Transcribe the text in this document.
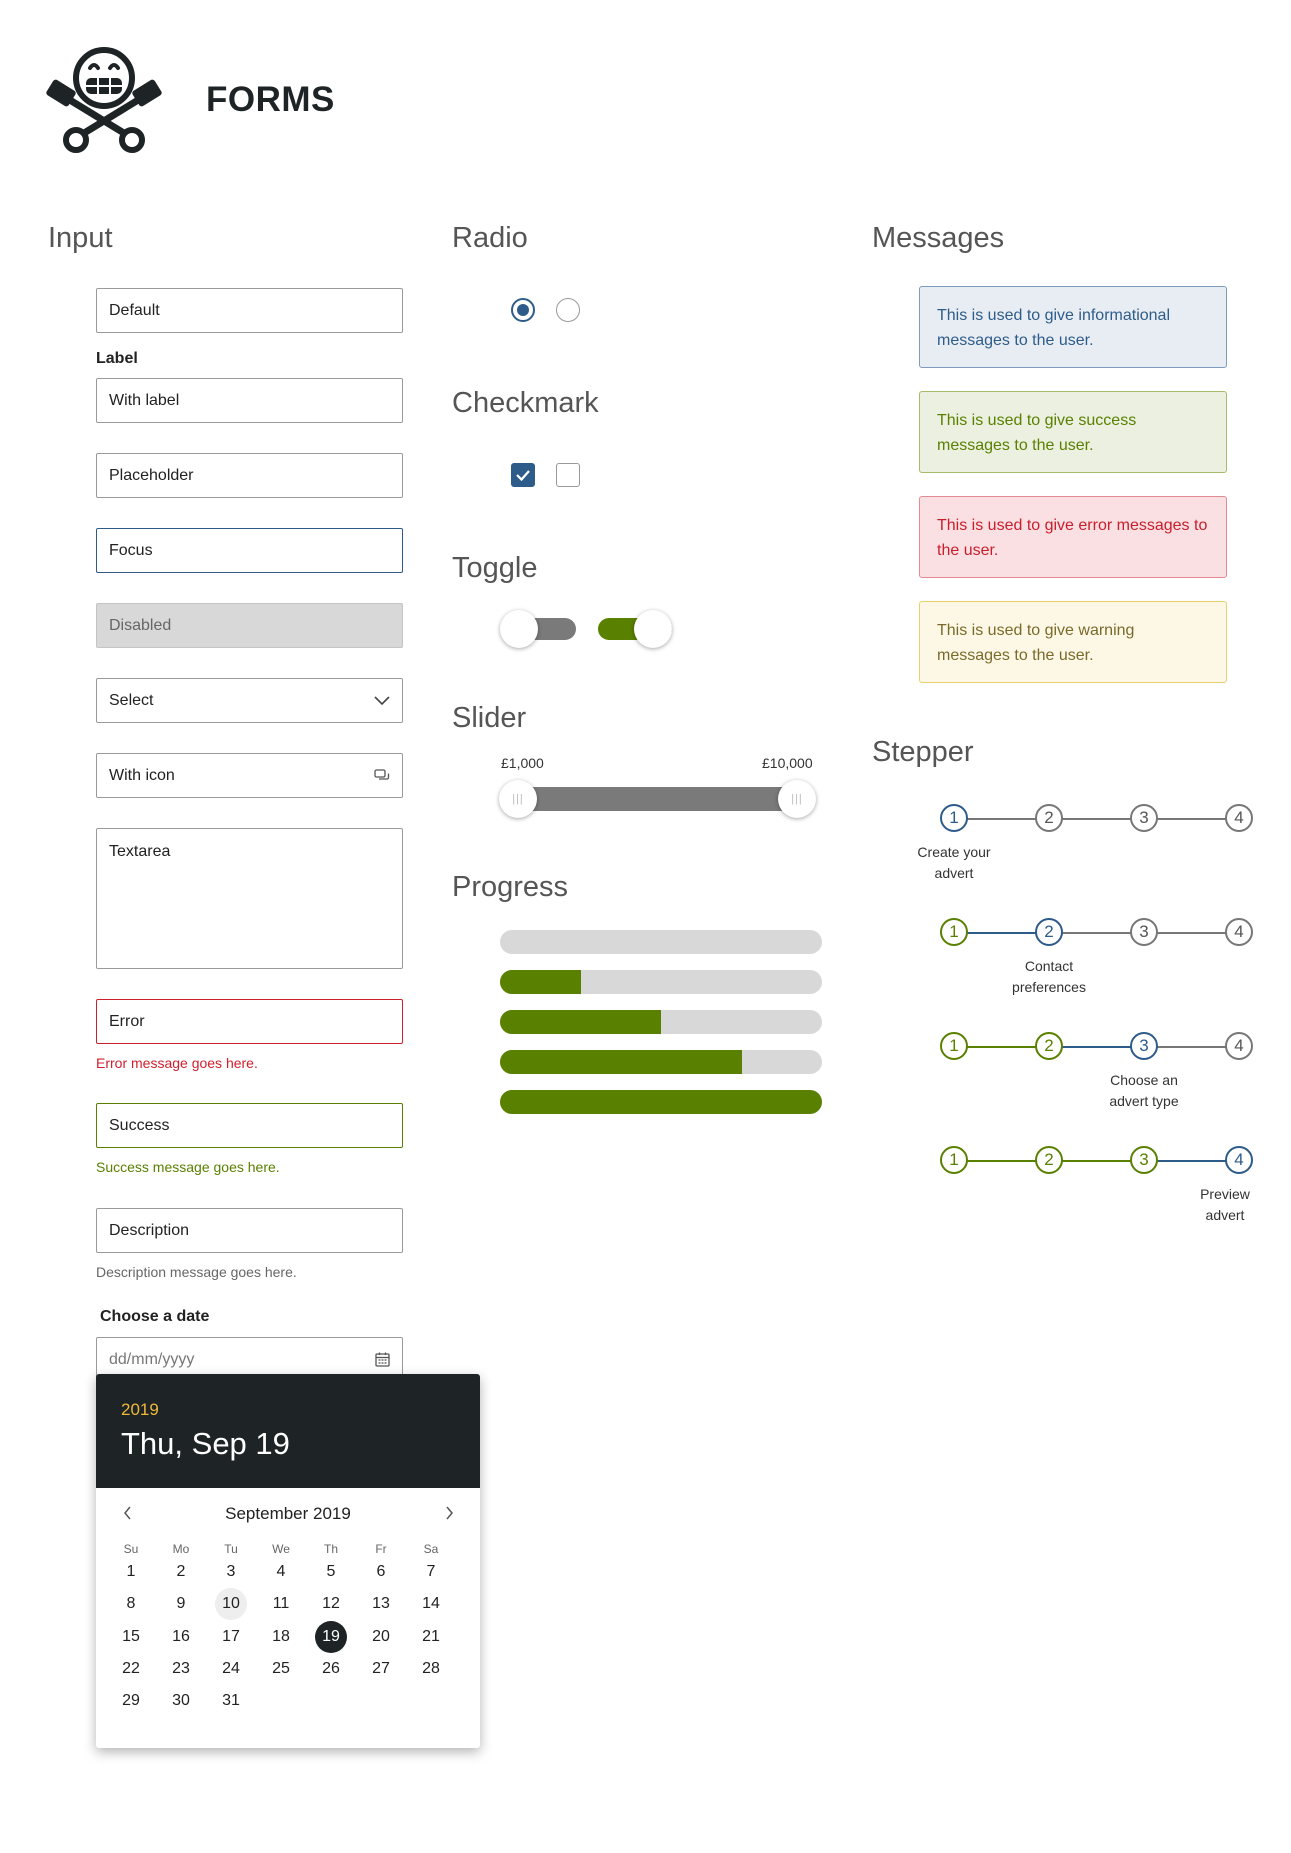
FORMS
Input
Default
Label
With label
Placeholder
Focus
Disabled
Select
With icon
Textarea
Error
Error message goes here.
Success
Success message goes here.
Description
Description message goes here.
Choose a date
dd/mm/yyyy
2019
Thu, Sep 19
September 2019
Su	Mo	Tu	We	Th	Fr	Sa
1	2	3	4	5	6	7
8	9	10	11	12	13	14
15	16	17	18	19	20	21
22	23	24	25	26	27	28
29	30	31
Radio
Checkmark
Toggle
Slider
£1,000	£10,000
|||	|||
Progress
Messages
This is used to give informational messages to the user.
This is used to give success messages to the user.
This is used to give error messages to the user.
This is used to give warning messages to the user.
Stepper
1	2	3	4
Create your
advert
1	2	3	4
Contact
preferences
1	2	3	4
Choose an
advert type
1	2	3	4
Preview
advert
